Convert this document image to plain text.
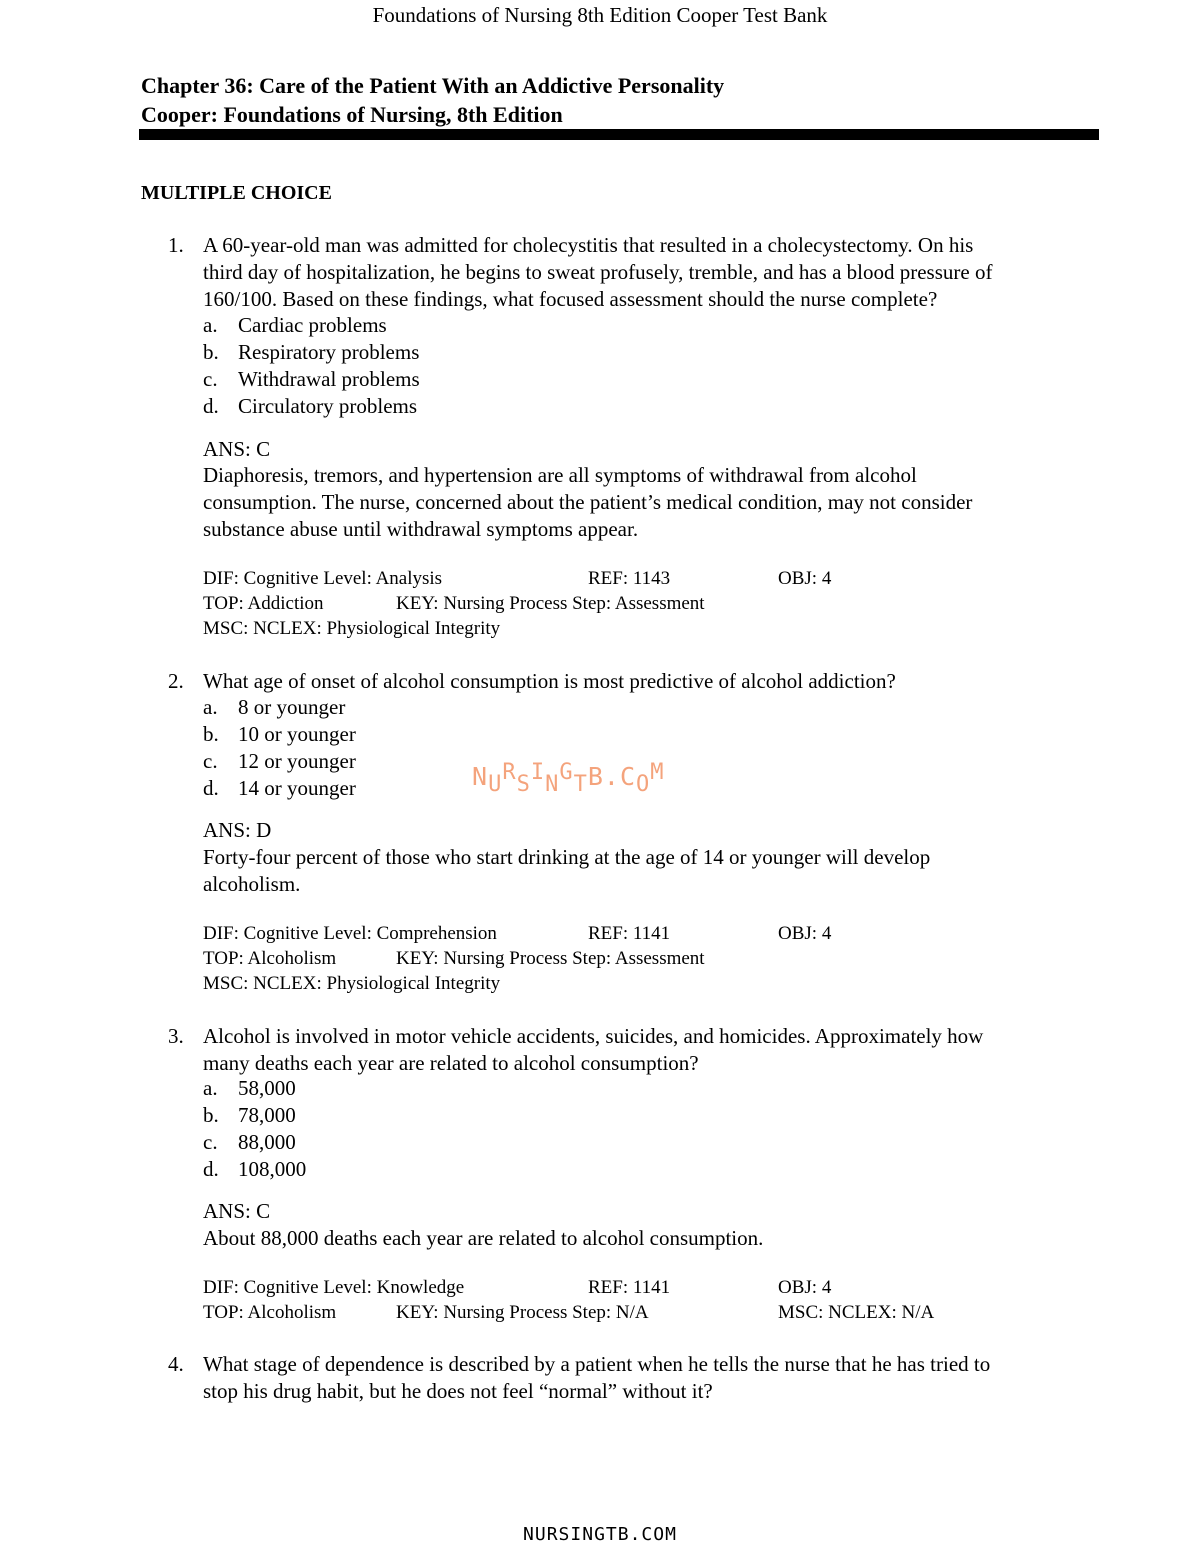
Foundations of Nursing 8th Edition Cooper Test Bank
Chapter 36: Care of the Patient With an Addictive Personality
Cooper: Foundations of Nursing, 8th Edition
MULTIPLE CHOICE
1. A 60-year-old man was admitted for cholecystitis that resulted in a cholecystectomy. On his
third day of hospitalization, he begins to sweat profusely, tremble, and has a blood pressure of
160/100. Based on these findings, what focused assessment should the nurse complete?
a. Cardiac problems
b. Respiratory problems
c. Withdrawal problems
d. Circulatory problems
ANS: C
Diaphoresis, tremors, and hypertension are all symptoms of withdrawal from alcohol
consumption. The nurse, concerned about the patient’s medical condition, may not consider
substance abuse until withdrawal symptoms appear.
DIF: Cognitive Level: Analysis	REF: 1143	OBJ: 4
TOP: Addiction	KEY: Nursing Process Step: Assessment
MSC: NCLEX: Physiological Integrity
2. What age of onset of alcohol consumption is most predictive of alcohol addiction?
a. 8 or younger
b. 10 or younger
c. 12 or younger
d. 14 or younger
ANS: D
Forty-four percent of those who start drinking at the age of 14 or younger will develop
alcoholism.
DIF: Cognitive Level: Comprehension	REF: 1141	OBJ: 4
TOP: Alcoholism	KEY: Nursing Process Step: Assessment
MSC: NCLEX: Physiological Integrity
NURSINGTB.COM
3. Alcohol is involved in motor vehicle accidents, suicides, and homicides. Approximately how
many deaths each year are related to alcohol consumption?
a. 58,000
b. 78,000
c. 88,000
d. 108,000
ANS: C
About 88,000 deaths each year are related to alcohol consumption.
DIF: Cognitive Level: Knowledge	REF: 1141	OBJ: 4
TOP: Alcoholism	KEY: Nursing Process Step: N/A	MSC: NCLEX: N/A
4. What stage of dependence is described by a patient when he tells the nurse that he has tried to
stop his drug habit, but he does not feel “normal” without it?
NURSINGTB.COM
